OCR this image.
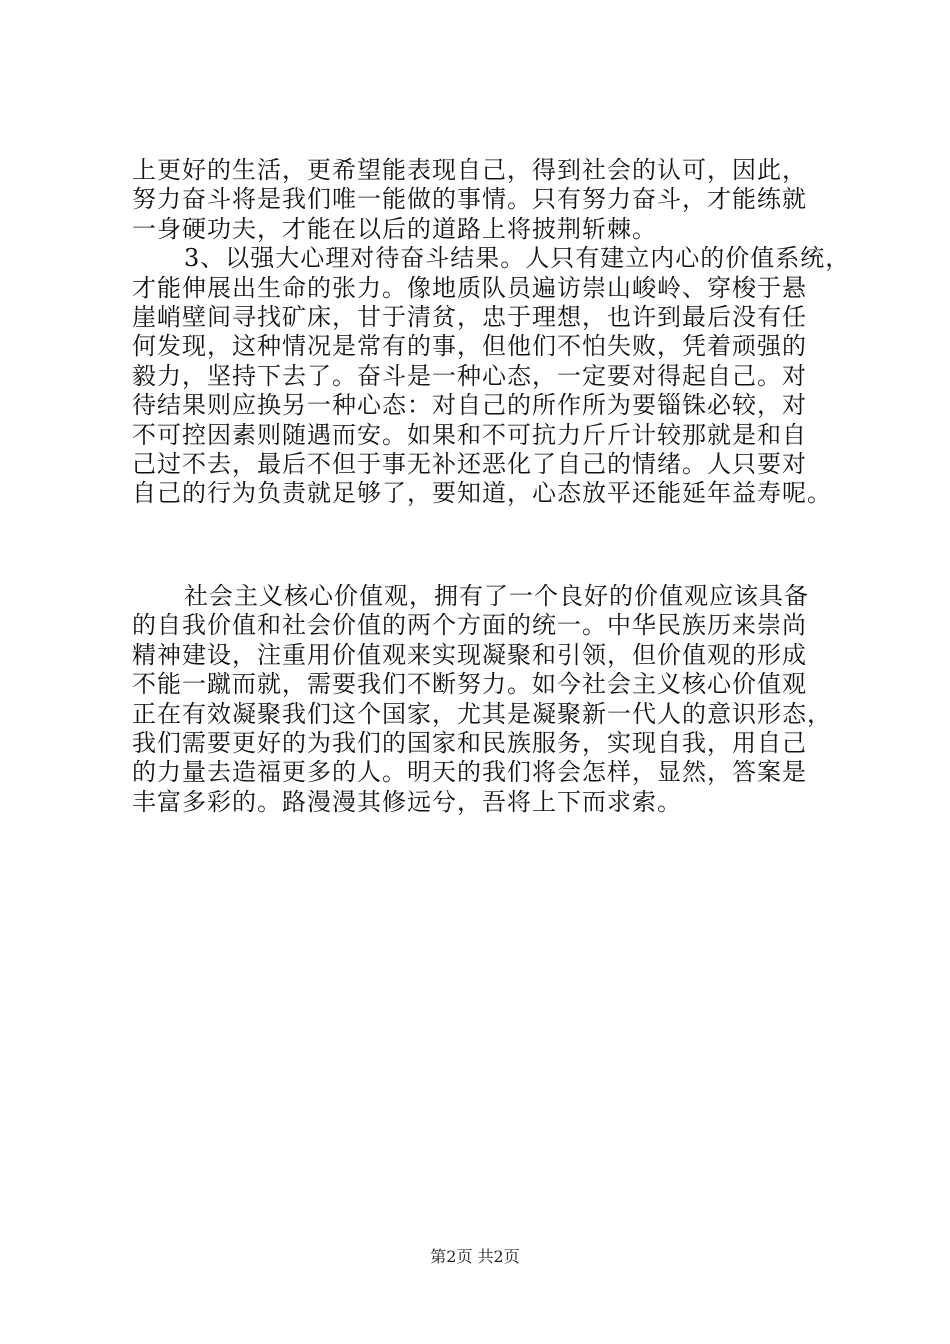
上更好的生活，更希望能表现自己，得到社会的认可，因此，
努力奋斗将是我们唯一能做的事情。只有努力奋斗，才能练就
一身硬功夫，才能在以后的道路上将披荆斩棘。
3、以强大心理对待奋斗结果。人只有建立内心的价值系统，
才能伸展出生命的张力。像地质队员遍访崇山峻岭、穿梭于悬
崖峭壁间寻找矿床，甘于清贫，忠于理想，也许到最后没有任
何发现，这种情况是常有的事，但他们不怕失败，凭着顽强的
毅力，坚持下去了。奋斗是一种心态，一定要对得起自己。对
待结果则应换另一种心态：对自己的所作所为要锱铢必较，对
不可控因素则随遇而安。如果和不可抗力斤斤计较那就是和自
己过不去，最后不但于事无补还恶化了自己的情绪。人只要对
自己的行为负责就足够了，要知道，心态放平还能延年益寿呢。
社会主义核心价值观，拥有了一个良好的价值观应该具备
的自我价值和社会价值的两个方面的统一。中华民族历来崇尚
精神建设，注重用价值观来实现凝聚和引领，但价值观的形成
不能一蹴而就，需要我们不断努力。如今社会主义核心价值观
正在有效凝聚我们这个国家，尤其是凝聚新一代人的意识形态，
我们需要更好的为我们的国家和民族服务，实现自我，用自己
的力量去造福更多的人。明天的我们将会怎样，显然，答案是
丰富多彩的。路漫漫其修远兮，吾将上下而求索。
第2页 共2页
